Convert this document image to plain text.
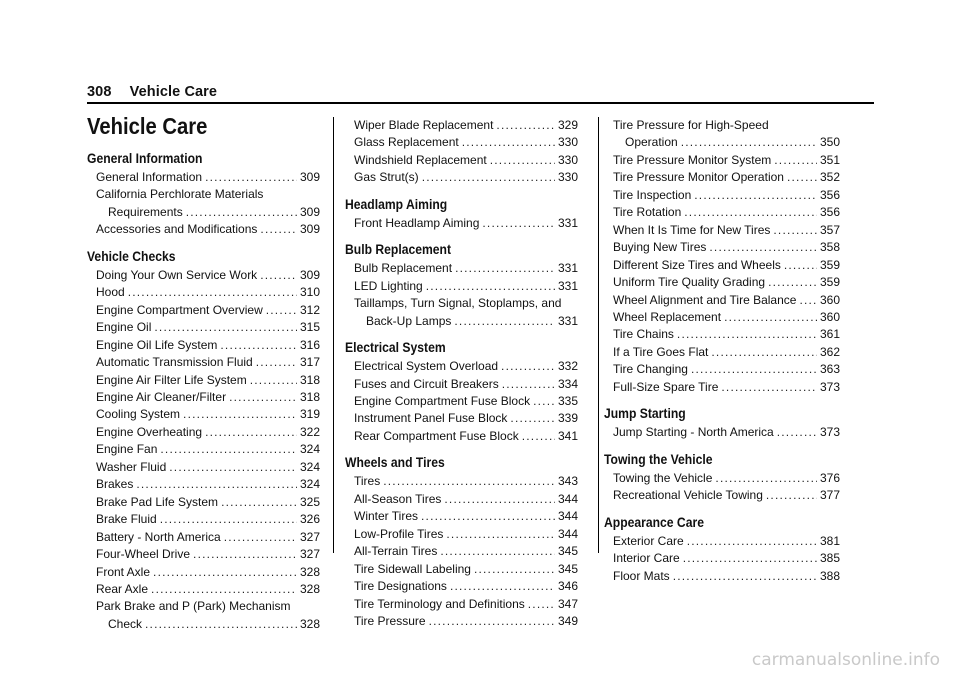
308 Vehicle Care
Vehicle Care
General Information
General Information .....	309
California Perchlorate Materials
Requirements .....	309
Accessories and Modifications .....	309
Vehicle Checks
Doing Your Own Service Work .....	309
Hood .....	310
Engine Compartment Overview .....	312
Engine Oil .....	315
Engine Oil Life System .....	316
Automatic Transmission Fluid .....	317
Engine Air Filter Life System .....	318
Engine Air Cleaner/Filter .....	318
Cooling System .....	319
Engine Overheating .....	322
Engine Fan .....	324
Washer Fluid .....	324
Brakes .....	324
Brake Pad Life System .....	325
Brake Fluid .....	326
Battery - North America .....	327
Four-Wheel Drive .....	327
Front Axle .....	328
Rear Axle .....	328
Park Brake and P (Park) Mechanism
Check .....	328
Wiper Blade Replacement .....	329
Glass Replacement .....	330
Windshield Replacement .....	330
Gas Strut(s) .....	330
Headlamp Aiming
Front Headlamp Aiming .....	331
Bulb Replacement
Bulb Replacement .....	331
LED Lighting .....	331
Taillamps, Turn Signal, Stoplamps, and
Back-Up Lamps .....	331
Electrical System
Electrical System Overload .....	332
Fuses and Circuit Breakers .....	334
Engine Compartment Fuse Block ..... 335
Instrument Panel Fuse Block .....	339
Rear Compartment Fuse Block .....	341
Wheels and Tires
Tires .....	343
All-Season Tires .....	344
Winter Tires .....	344
Low-Profile Tires .....	344
All-Terrain Tires .....	345
Tire Sidewall Labeling .....	345
Tire Designations .....	346
Tire Terminology and Definitions .....	347
Tire Pressure .....	349
Tire Pressure for High-Speed
Operation .....	350
Tire Pressure Monitor System .....	351
Tire Pressure Monitor Operation .....	352
Tire Inspection .....	356
Tire Rotation .....	356
When It Is Time for New Tires .....	357
Buying New Tires .....	358
Different Size Tires and Wheels .....	359
Uniform Tire Quality Grading .....	359
Wheel Alignment and Tire Balance ..... 360
Wheel Replacement .....	360
Tire Chains .....	361
If a Tire Goes Flat .....	362
Tire Changing .....	363
Full-Size Spare Tire .....	373
Jump Starting
Jump Starting - North America .....	373
Towing the Vehicle
Towing the Vehicle .....	376
Recreational Vehicle Towing .....	377
Appearance Care
Exterior Care .....	381
Interior Care .....	385
Floor Mats .....	388
carmanualsonline.info
